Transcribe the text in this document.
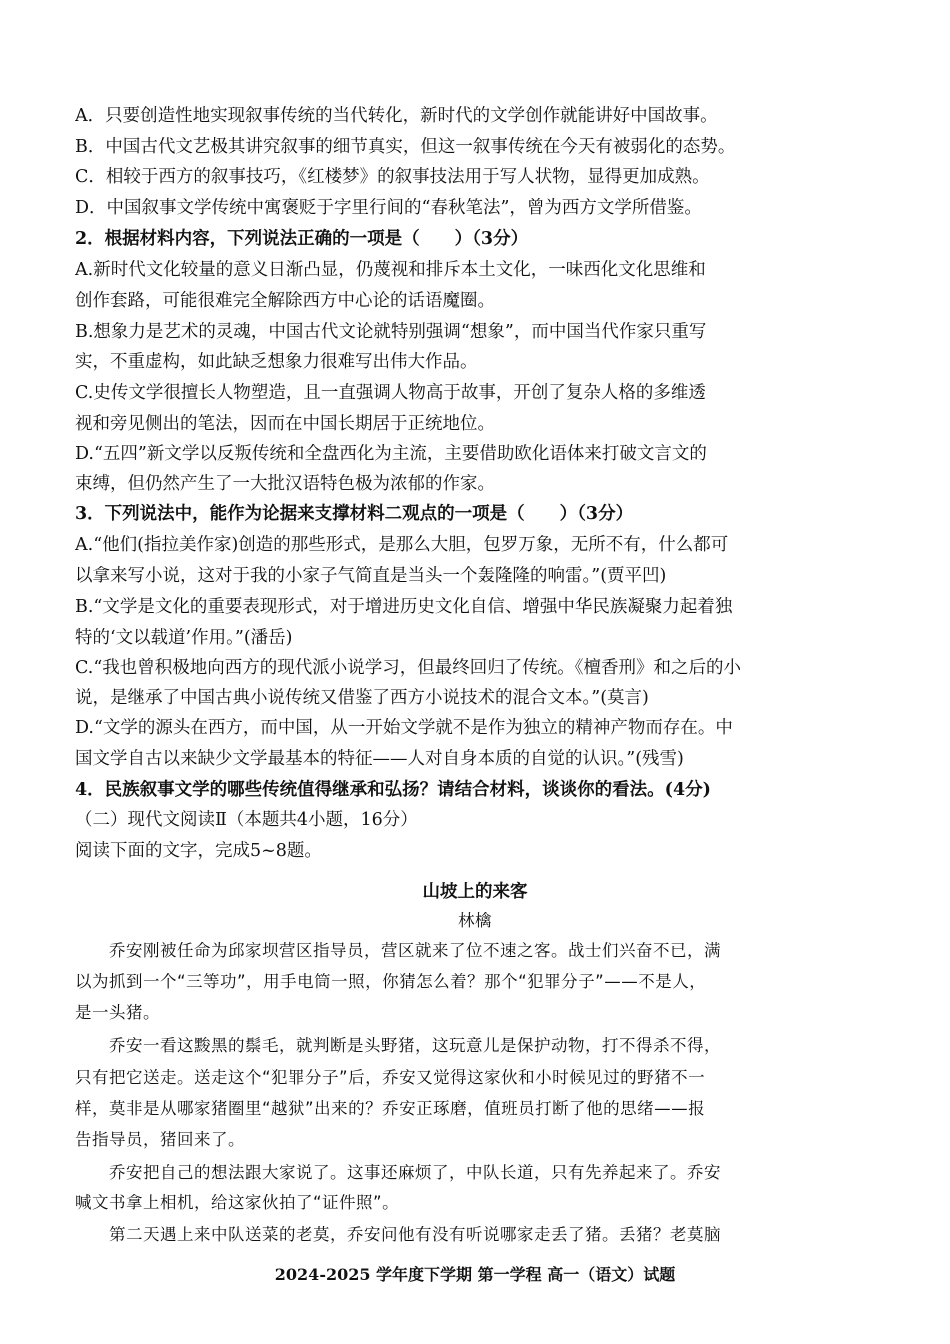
A．只要创造性地实现叙事传统的当代转化，新时代的文学创作就能讲好中国故事。
B．中国古代文艺极其讲究叙事的细节真实，但这一叙事传统在今天有被弱化的态势。
C．相较于西方的叙事技巧，《红楼梦》的叙事技法用于写人状物，显得更加成熟。
D．中国叙事文学传统中寓褒贬于字里行间的“春秋笔法”，曾为西方文学所借鉴。
2．根据材料内容，下列说法正确的一项是（　　）（3分）
A.新时代文化较量的意义日渐凸显，仍蔑视和排斥本土文化，一味西化文化思维和
创作套路，可能很难完全解除西方中心论的话语魔圈。
B.想象力是艺术的灵魂，中国古代文论就特别强调“想象”，而中国当代作家只重写
实，不重虚构，如此缺乏想象力很难写出伟大作品。
C.史传文学很擅长人物塑造，且一直强调人物高于故事，开创了复杂人格的多维透
视和旁见侧出的笔法，因而在中国长期居于正统地位。
D.“五四”新文学以反叛传统和全盘西化为主流，主要借助欧化语体来打破文言文的
束缚，但仍然产生了一大批汉语特色极为浓郁的作家。
3．下列说法中，能作为论据来支撑材料二观点的一项是（　　）（3分）
A.“他们(指拉美作家)创造的那些形式，是那么大胆，包罗万象，无所不有，什么都可
以拿来写小说，这对于我的小家子气简直是当头一个轰隆隆的响雷。”(贾平凹)
B.“文学是文化的重要表现形式，对于增进历史文化自信、增强中华民族凝聚力起着独
特的‘文以载道’作用。”(潘岳)
C.“我也曾积极地向西方的现代派小说学习，但最终回归了传统。《檀香刑》和之后的小
说，是继承了中国古典小说传统又借鉴了西方小说技术的混合文本。”(莫言)
D.“文学的源头在西方，而中国，从一开始文学就不是作为独立的精神产物而存在。中
国文学自古以来缺少文学最基本的特征——人对自身本质的自觉的认识。”(残雪)
4．民族叙事文学的哪些传统值得继承和弘扬？请结合材料，谈谈你的看法。(4分)
（二）现代文阅读Ⅱ（本题共4小题，16分）
阅读下面的文字，完成5~8题。
山坡上的来客
林檎
　　乔安刚被任命为邱家坝营区指导员，营区就来了位不速之客。战士们兴奋不已，满
以为抓到一个“三等功”，用手电筒一照，你猜怎么着？那个“犯罪分子”——不是人，
是一头猪。
　　乔安一看这黢黑的鬃毛，就判断是头野猪，这玩意儿是保护动物，打不得杀不得，
只有把它送走。送走这个“犯罪分子”后，乔安又觉得这家伙和小时候见过的野猪不一
样，莫非是从哪家猪圈里“越狱”出来的？乔安正琢磨，值班员打断了他的思绪——报
告指导员，猪回来了。
　　乔安把自己的想法跟大家说了。这事还麻烦了，中队长道，只有先养起来了。乔安
喊文书拿上相机，给这家伙拍了“证件照”。
　　第二天遇上来中队送菜的老莫，乔安问他有没有听说哪家走丢了猪。丢猪？老莫脑
2024-2025 学年度下学期 第一学程 高一（语文）试题
